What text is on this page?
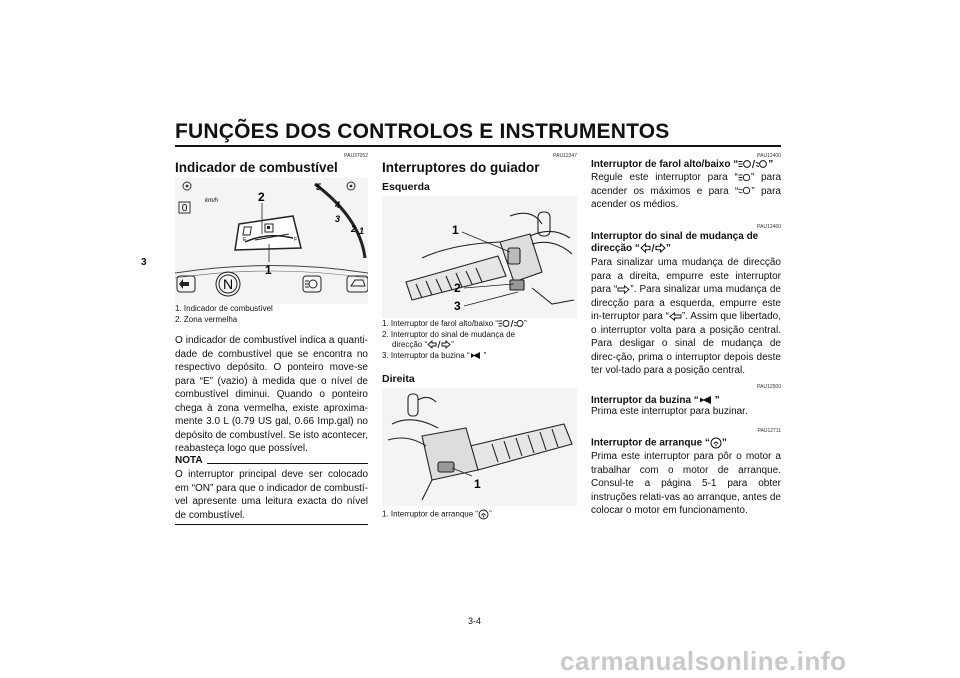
FUNÇÕES DOS CONTROLOS E INSTRUMENTOS
3
PAU37052
Indicador de combustível
0
km/h
5
4
3
2 1
E	F
2
1
N
1. Indicador de combustível
2. Zona vermelha
O indicador de combustível indica a quanti-dade de combustível que se encontra no respectivo depósito. O ponteiro move-se para “E” (vazio) à medida que o nível de combustível diminui. Quando o ponteiro chega à zona vermelha, existe aproxima-mente 3.0 L (0.79 US gal, 0.66 Imp.gal) no depósito de combustível. Se isto acontecer, reabasteça logo que possível.
NOTA
O interruptor principal deve ser colocado em “ON” para que o indicador de combustí-vel apresente uma leitura exacta do nível de combustível.
PAU12347
Interruptores do guiador
Esquerda
1
2
3
1. Interruptor de farol alto/baixo “	”
2. Interruptor do sinal de mudança de
direcção “	”
3. Interruptor da buzina “ ”
Direita
1
1. Interruptor de arranque “ ”
PAU12400
Interruptor de farol alto/baixo “	”
Regule este interruptor para “ ” para
acender os máximos e para “ ” para
acender os médios.
PAU12460
Interruptor do sinal de mudança de
direcção “	”
Para sinalizar uma mudança de direcção para a direita, empurre este interruptor para “ ”. Para sinalizar uma mudança de direcção para a esquerda, empurre este in-terruptor para “ ”. Assim que libertado, o interruptor volta para a posição central. Para desligar o sinal de mudança de direc-ção, prima o interruptor depois deste ter vol-tado para a posição central.
PAU12500
Interruptor da buzina “ ”
Prima este interruptor para buzinar.
PAU12711
Interruptor de arranque “ ”
Prima este interruptor para pôr o motor a trabalhar com o motor de arranque. Consul-te a página 5-1 para obter instruções relati-vas ao arranque, antes de colocar o motor em funcionamento.
3-4
carmanualsonline.info
